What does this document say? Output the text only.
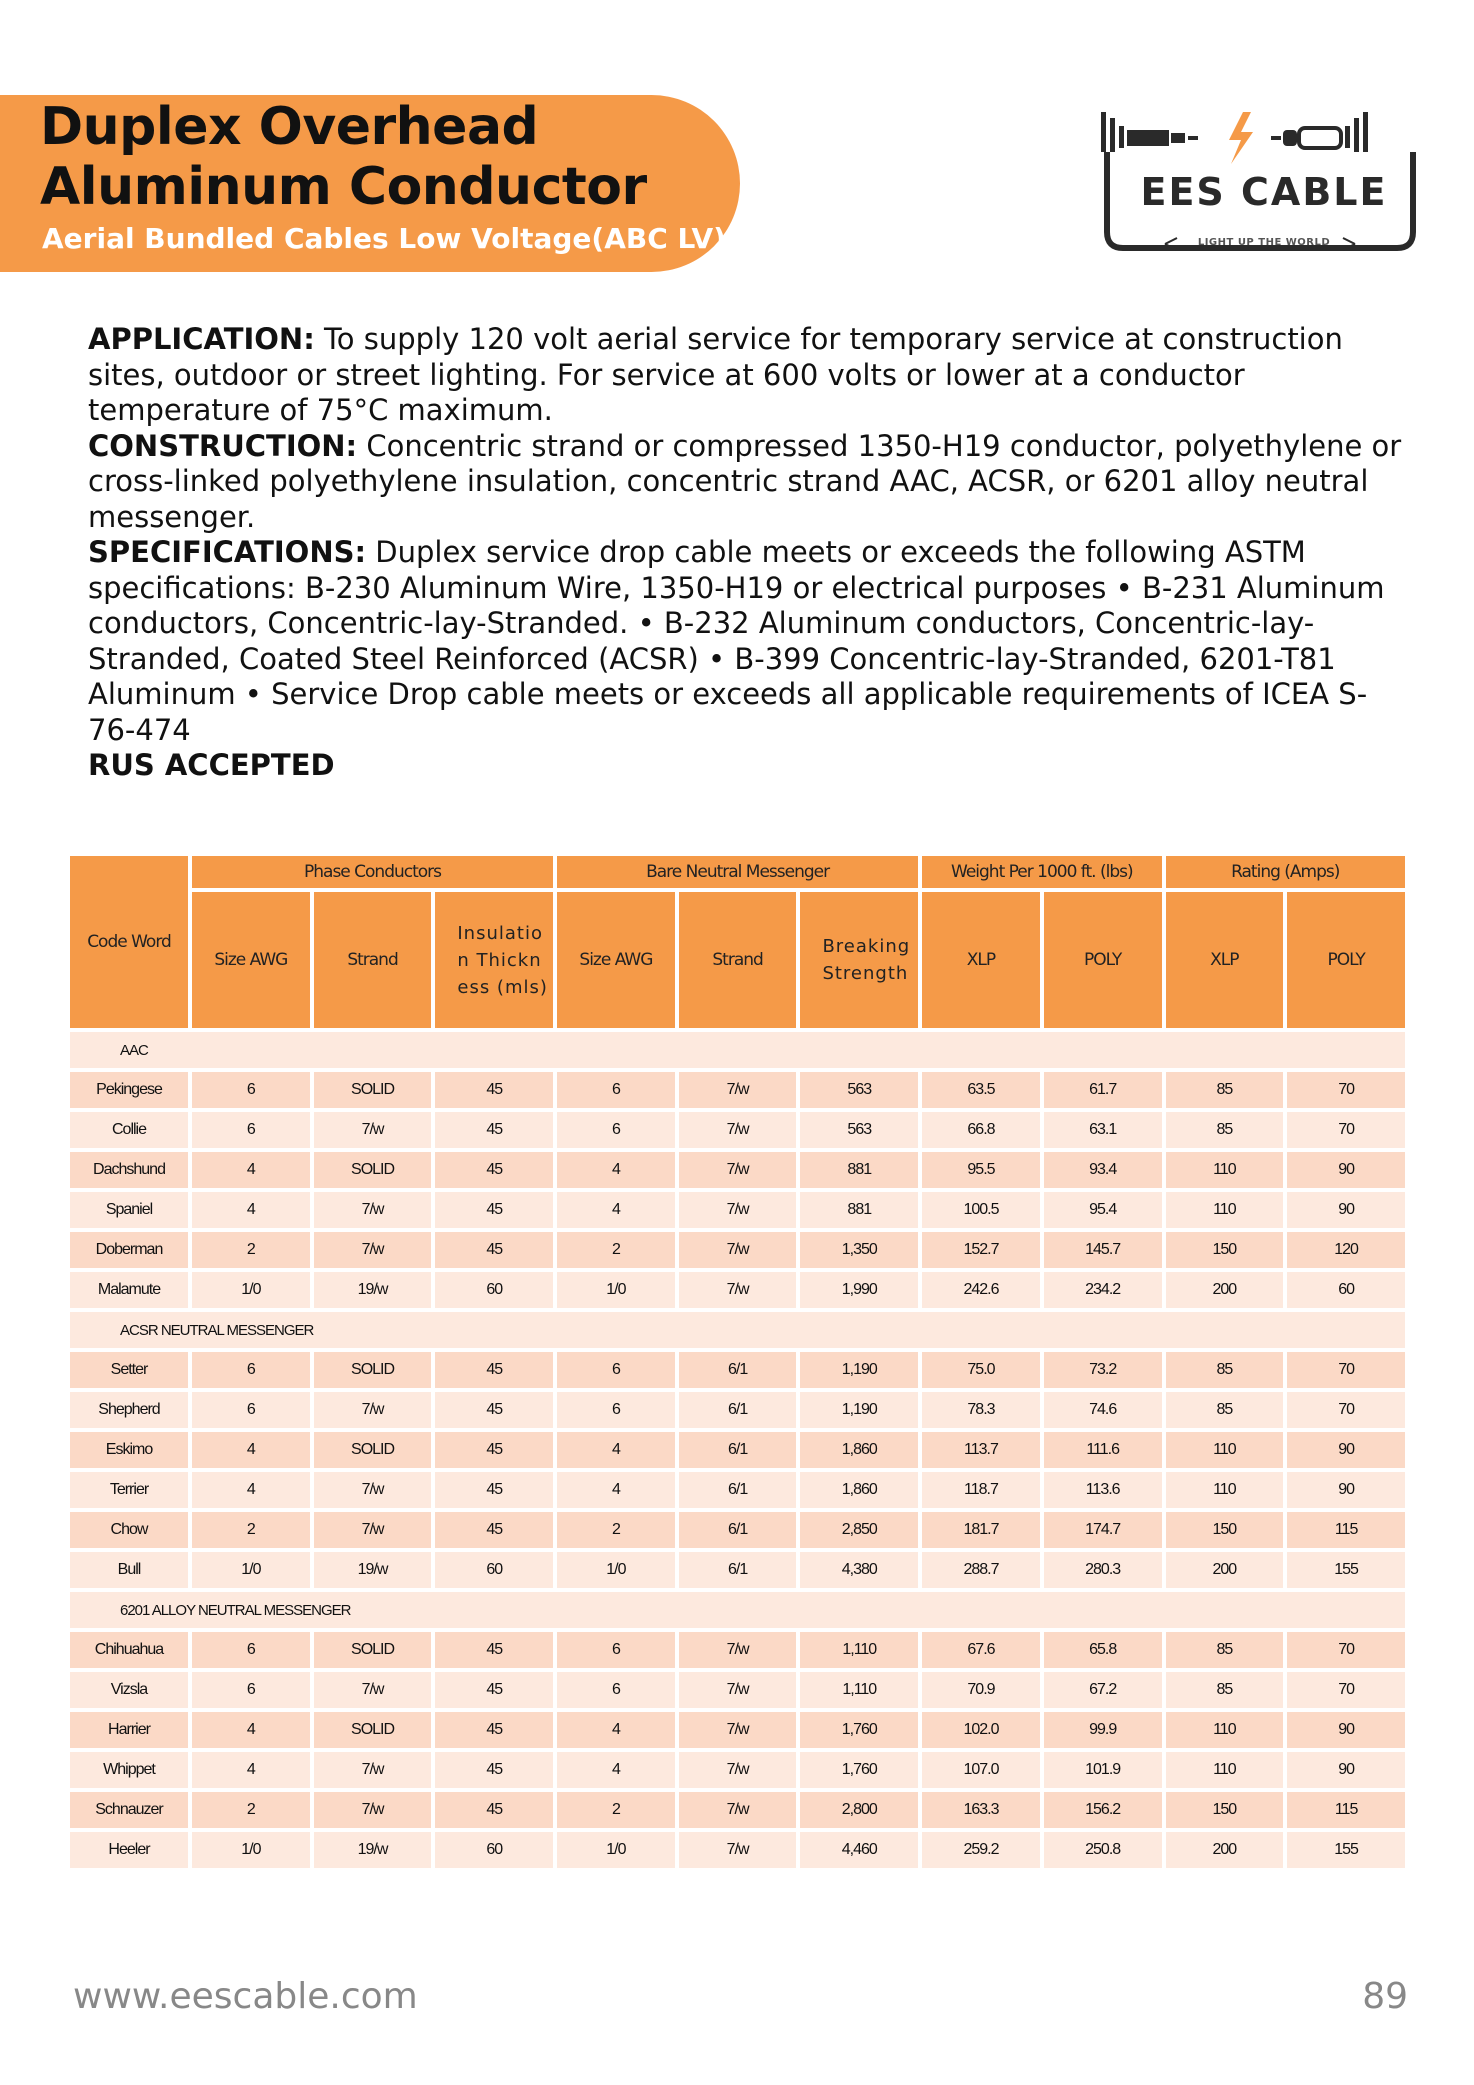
Duplex Overhead
Aluminum Conductor
Aerial Bundled Cables Low Voltage(ABC LV)
EES CABLE
LIGHT UP THE WORLD

APPLICATION: To supply 120 volt aerial service for temporary service at construction sites, outdoor or street lighting. For service at 600 volts or lower at a conductor temperature of 75°C maximum.

CONSTRUCTION: Concentric strand or compressed 1350-H19 conductor, polyethylene or cross-linked polyethylene insulation, concentric strand AAC, ACSR, or 6201 alloy neutral messenger.

SPECIFICATIONS: Duplex service drop cable meets or exceeds the following ASTM specifications: B-230 Aluminum Wire, 1350-H19 or electrical purposes • B-231 Aluminum conductors, Concentric-lay-Stranded. • B-232 Aluminum conductors, Concentric-lay-Stranded, Coated Steel Reinforced (ACSR) • B-399 Concentric-lay-Stranded, 6201-T81 Aluminum • Service Drop cable meets or exceeds all applicable requirements of ICEA S-76-474

RUS ACCEPTED

Code Word	Phase Conductors			Bare Neutral Messenger			Weight Per 1000 ft. (lbs)		Rating (Amps)	
	Size AWG	Strand	Insulation Thickness (mls)	Size AWG	Strand	Breaking Strength	XLP	POLY	XLP	POLY
AAC										
Pekingese	6	SOLID	45	6	7/w	563	63.5	61.7	85	70
Collie	6	7/w	45	6	7/w	563	66.8	63.1	85	70
Dachshund	4	SOLID	45	4	7/w	881	95.5	93.4	110	90
Spaniel	4	7/w	45	4	7/w	881	100.5	95.4	110	90
Doberman	2	7/w	45	2	7/w	1,350	152.7	145.7	150	120
Malamute	1/0	19/w	60	1/0	7/w	1,990	242.6	234.2	200	60
ACSR NEUTRAL MESSENGER										
Setter	6	SOLID	45	6	6/1	1,190	75.0	73.2	85	70
Shepherd	6	7/w	45	6	6/1	1,190	78.3	74.6	85	70
Eskimo	4	SOLID	45	4	6/1	1,860	113.7	111.6	110	90
Terrier	4	7/w	45	4	6/1	1,860	118.7	113.6	110	90
Chow	2	7/w	45	2	6/1	2,850	181.7	174.7	150	115
Bull	1/0	19/w	60	1/0	6/1	4,380	288.7	280.3	200	155
6201 ALLOY NEUTRAL MESSENGER										
Chihuahua	6	SOLID	45	6	7/w	1,110	67.6	65.8	85	70
Vizsla	6	7/w	45	6	7/w	1,110	70.9	67.2	85	70
Harrier	4	SOLID	45	4	7/w	1,760	102.0	99.9	110	90
Whippet	4	7/w	45	4	7/w	1,760	107.0	101.9	110	90
Schnauzer	2	7/w	45	2	7/w	2,800	163.3	156.2	150	115
Heeler	1/0	19/w	60	1/0	7/w	4,460	259.2	250.8	200	155
www.eescable.com	89
